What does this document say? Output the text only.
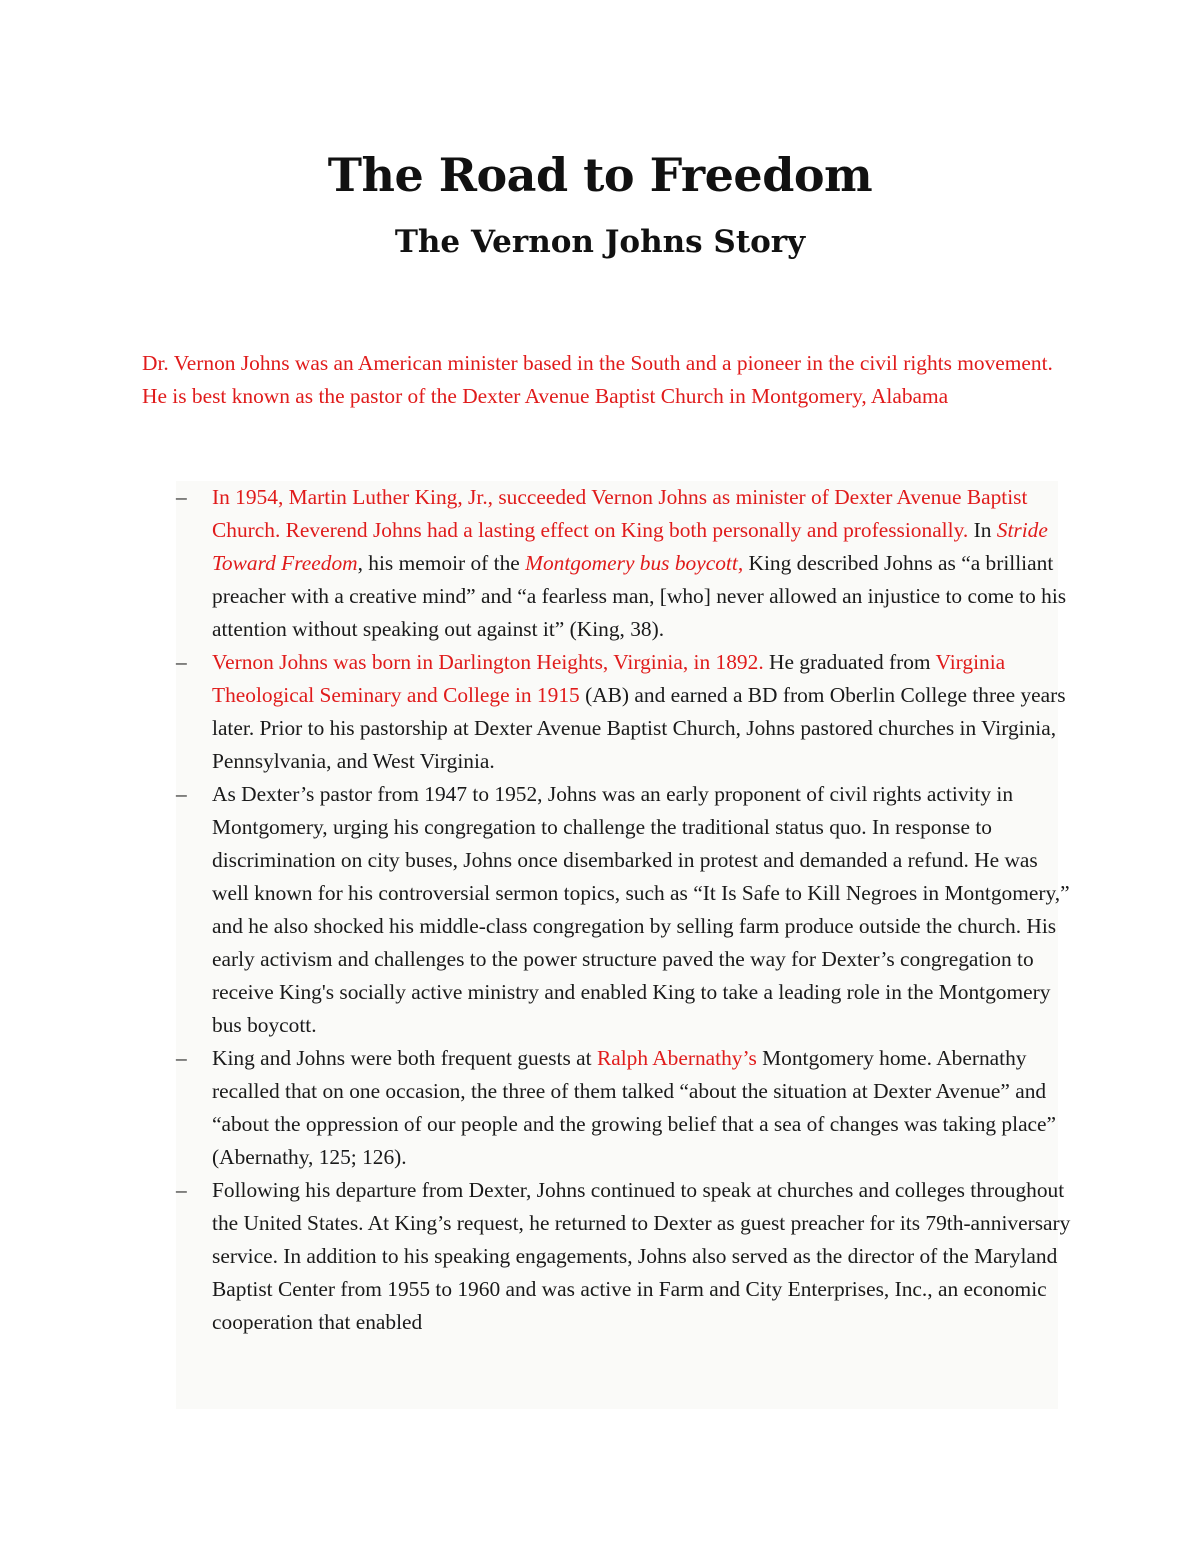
The Road to Freedom
The Vernon Johns Story

Dr. Vernon Johns was an American minister based in the South and a pioneer in the civil rights movement. He is best known as the pastor of the Dexter Avenue Baptist Church in Montgomery, Alabama

–	In 1954, Martin Luther King, Jr., succeeded Vernon Johns as minister of Dexter Avenue Baptist Church. Reverend Johns had a lasting effect on King both personally and professionally. In Stride Toward Freedom, his memoir of the Montgomery bus boycott, King described Johns as “a brilliant preacher with a creative mind” and “a fearless man, [who] never allowed an injustice to come to his attention without speaking out against it” (King, 38).
–	Vernon Johns was born in Darlington Heights, Virginia, in 1892. He graduated from Virginia Theological Seminary and College in 1915 (AB) and earned a BD from Oberlin College three years later. Prior to his pastorship at Dexter Avenue Baptist Church, Johns pastored churches in Virginia, Pennsylvania, and West Virginia.
–	As Dexter’s pastor from 1947 to 1952, Johns was an early proponent of civil rights activity in Montgomery, urging his congregation to challenge the traditional status quo. In response to discrimination on city buses, Johns once disembarked in protest and demanded a refund. He was well known for his controversial sermon topics, such as “It Is Safe to Kill Negroes in Montgomery,” and he also shocked his middle-class congregation by selling farm produce outside the church. His early activism and challenges to the power structure paved the way for Dexter’s congregation to receive King's socially active ministry and enabled King to take a leading role in the Montgomery bus boycott.
–	King and Johns were both frequent guests at Ralph Abernathy’s Montgomery home. Abernathy recalled that on one occasion, the three of them talked “about the situation at Dexter Avenue” and “about the oppression of our people and the growing belief that a sea of changes was taking place” (Abernathy, 125; 126).
–	Following his departure from Dexter, Johns continued to speak at churches and colleges throughout the United States. At King’s request, he returned to Dexter as guest preacher for its 79th-anniversary service. In addition to his speaking engagements, Johns also served as the director of the Maryland Baptist Center from 1955 to 1960 and was active in Farm and City Enterprises, Inc., an economic cooperation that enabled
